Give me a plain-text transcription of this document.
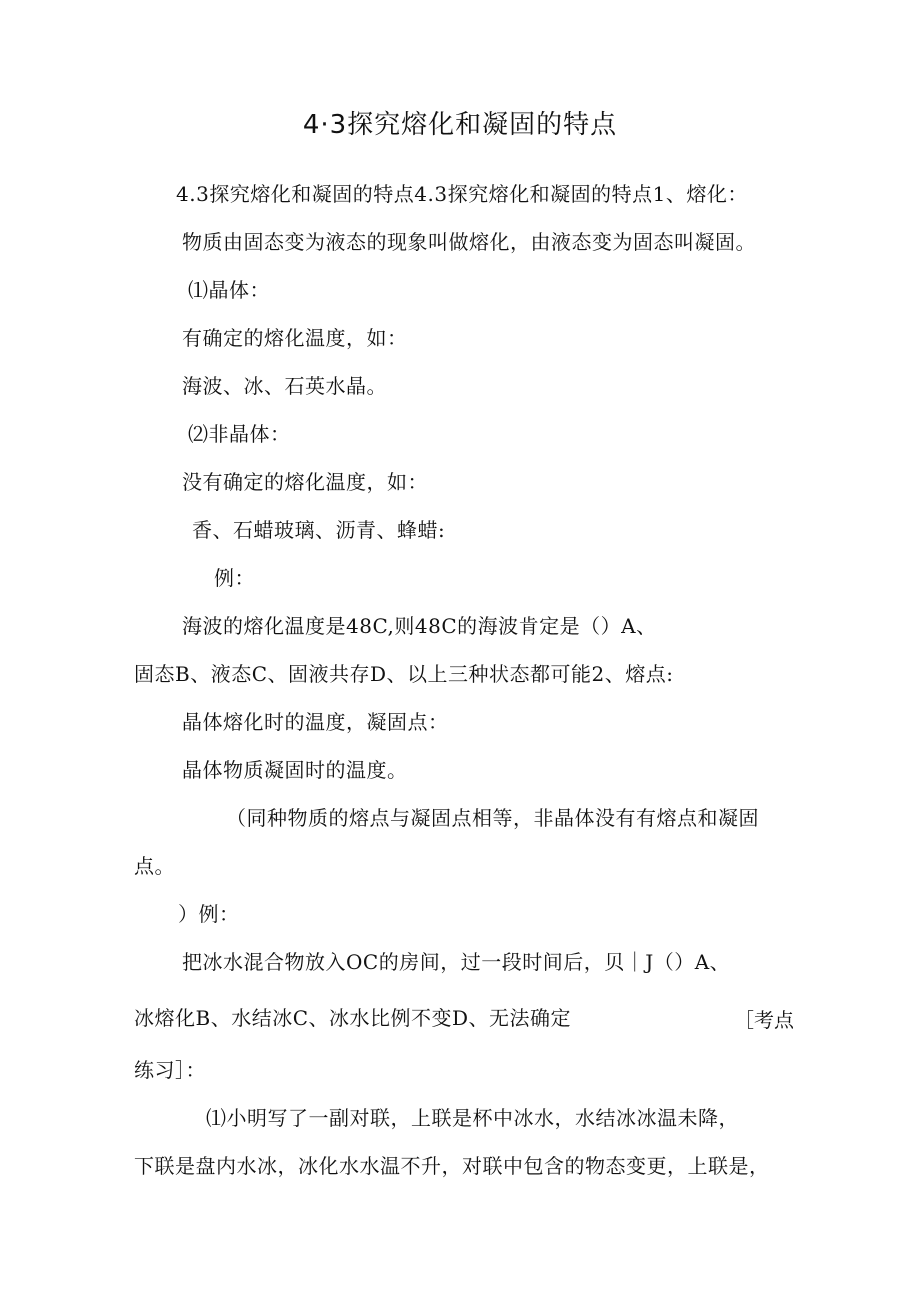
4·3探究熔化和凝固的特点
4.3探究熔化和凝固的特点4.3探究熔化和凝固的特点1、熔化：
物质由固态变为液态的现象叫做熔化，由液态变为固态叫凝固。
⑴晶体：
有确定的熔化温度，如：
海波、冰、石英水晶。
⑵非晶体：
没有确定的熔化温度，如：
香、石蜡玻璃、沥青、蜂蜡:
例：
海波的熔化温度是48C,则48C的海波肯定是（）A、
固态B、液态C、固液共存D、以上三种状态都可能2、熔点:
晶体熔化时的温度，凝固点：
晶体物质凝固时的温度。
（同种物质的熔点与凝固点相等，非晶体没有有熔点和凝固
点。
）例：
把冰水混合物放入OC的房间，过一段时间后，贝｜J（）A、
冰熔化B、水结冰C、冰水比例不变D、无法确定	［考点
练习］：
⑴小明写了一副对联，上联是杯中冰水，水结冰冰温未降，
下联是盘内水冰，冰化水水温不升，对联中包含的物态变更，上联是，
